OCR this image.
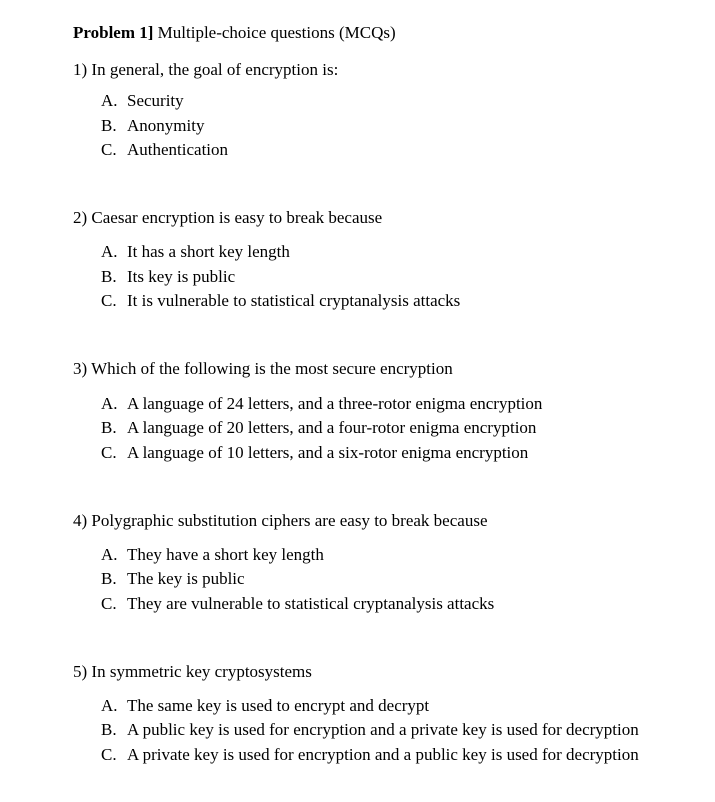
Problem 1] Multiple-choice questions (MCQs)
1) In general, the goal of encryption is:
A. Security
B. Anonymity
C. Authentication
2) Caesar encryption is easy to break because
A. It has a short key length
B. Its key is public
C. It is vulnerable to statistical cryptanalysis attacks
3) Which of the following is the most secure encryption
A. A language of 24 letters, and a three-rotor enigma encryption
B. A language of 20 letters, and a four-rotor enigma encryption
C. A language of 10 letters, and a six-rotor enigma encryption
4) Polygraphic substitution ciphers are easy to break because
A. They have a short key length
B. The key is public
C. They are vulnerable to statistical cryptanalysis attacks
5) In symmetric key cryptosystems
A. The same key is used to encrypt and decrypt
B. A public key is used for encryption and a private key is used for decryption
C. A private key is used for encryption and a public key is used for decryption
